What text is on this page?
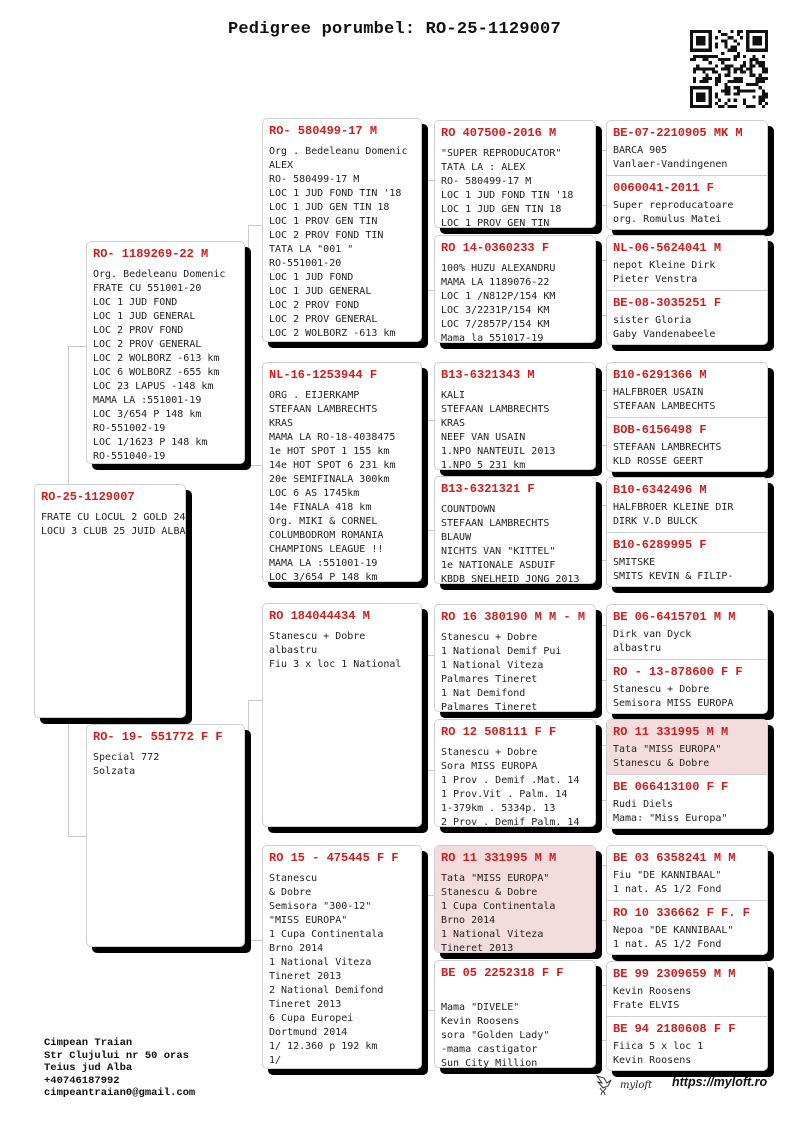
Pedigree porumbel: RO-25-1129007
RO-25-1129007
FRATE CU LOCUL 2 GOLD 24
LOCU 3 CLUB 25 JUID ALBA
RO- 1189269-22 M
Org. Bedeleanu Domenic
FRATE CU 551001-20
LOC 1 JUD FOND
LOC 1 JUD GENERAL
LOC 2 PROV FOND
LOC 2 PROV GENERAL
LOC 2 WOLBORZ -613 km
LOC 6 WOLBORZ -655 km
LOC 23 LAPUS -148 km
MAMA LA :551001-19
LOC 3/654 P 148 km
RO-551002-19
LOC 1/1623 P 148 km
RO-551040-19
RO- 19- 551772 F F
Special 772
Solzata
RO- 580499-17 M
Org . Bedeleanu Domenic
ALEX
RO- 580499-17 M
LOC 1 JUD FOND TIN '18
LOC 1 JUD GEN TIN 18
LOC 1 PROV GEN TIN
LOC 2 PROV FOND TIN
TATA LA "001 "
RO-551001-20
LOC 1 JUD FOND
LOC 1 JUD GENERAL
LOC 2 PROV FOND
LOC 2 PROV GENERAL
LOC 2 WOLBORZ -613 km
NL-16-1253944 F
ORG . EIJERKAMP
STEFAAN LAMBRECHTS
KRAS
MAMA LA RO-18-4038475
1e HOT SPOT 1 155 km
14e HOT SPOT 6 231 km
20e SEMIFINALA 300km
LOC 6 AS 1745km
14e FINALA 418 km
Org. MIKI & CORNEL
COLUMBODROM ROMANIA
CHAMPIONS LEAGUE !!
MAMA LA :551001-19
LOC 3/654 P 148 km
RO 184044434 M
Stanescu + Dobre
albastru
Fiu 3 x loc 1 National
RO 15 - 475445 F F
Stanescu
& Dobre
Semisora "300-12"
"MISS EUROPA"
1 Cupa Continentala
Brno 2014
1 National Viteza
Tineret 2013
2 National Demifond
Tineret 2013
6 Cupa Europei
Dortmund 2014
1/ 12.360 p 192 km
1/
RO 407500-2016 M
"SUPER REPRODUCATOR"
TATA LA : ALEX
RO- 580499-17 M
LOC 1 JUD FOND TIN '18
LOC 1 JUD GEN TIN 18
LOC 1 PROV GEN TIN
RO 14-0360233 F
100% HUZU ALEXANDRU
MAMA LA 1189076-22
LOC 1 /N812P/154 KM
LOC 3/2231P/154 KM
LOC 7/2857P/154 KM
Mama la 551017-19
B13-6321343 M
KALI
STEFAAN LAMBRECHTS
KRAS
NEEF VAN USAIN
1.NPO NANTEUIL 2013
1.NPO 5 231 km
B13-6321321 F
COUNTDOWN
STEFAAN LAMBRECHTS
BLAUW
NICHTS VAN "KITTEL"
1e NATIONALE ASDUIF
KBDB SNELHEID JONG 2013
RO 16 380190 M M - M
Stanescu + Dobre
1 National Demif Pui
1 National Viteza
Palmares Tineret
1 Nat Demifond
Palmares Tineret
RO 12 508111 F F
Stanescu + Dobre
Sora MISS EUROPA
1 Prov . Demif .Mat. 14
1 Prov.Vit . Palm. 14
1-379km . 5334p. 13
2 Prov . Demif Palm. 14
RO 11 331995 M M
Tata "MISS EUROPA"
Stanescu & Dobre
1 Cupa Continentala
Brno 2014
1 National Viteza
Tineret 2013
BE 05 2252318 F F

Mama "DIVELE"
Kevin Roosens
sora "Golden Lady"
-mama castigator
Sun City Million
BE-07-2210905 MK M
BARCA 905
Vanlaer-Vandingenen
0060041-2011 F
Super reproducatoare
org. Romulus Matei
NL-06-5624041 M
nepot Kleine Dirk
Pieter Venstra
BE-08-3035251 F
sister Gloria
Gaby Vandenabeele
B10-6291366 M
HALFBROER USAIN
STEFAAN LAMBECHTS
BOB-6156498 F
STEFAAN LAMBRECHTS
KLD ROSSE GEERT
B10-6342496 M
HALFBROER KLEINE DIR
DIRK V.D BULCK
B10-6289995 F
SMITSKE
SMITS KEVIN & FILIP-
BE 06-6415701 M M
Dirk van Dyck
albastru
RO - 13-878600 F F
Stanescu + Dobre
Semisora MISS EUROPA
RO 11 331995 M M
Tata "MISS EUROPA"
Stanescu & Dobre
BE 066413100 F F
Rudi Diels
Mama: "Miss Europa"
BE 03 6358241 M M
Fiu "DE KANNIBAAL"
1 nat. AS 1/2 Fond
RO 10 336662 F F. F
Nepoa "DE KANNIBAAL"
1 nat. AS 1/2 Fond
BE 99 2309659 M M
Kevin Roosens
Frate ELVIS
BE 94 2180608 F F
Fiica 5 x loc 1
Kevin Roosens
Cimpean Traian
Str Clujului nr 50 oras
Teius jud Alba
+40746187992
cimpeantraian0@gmail.com
myloft https://myloft.ro
